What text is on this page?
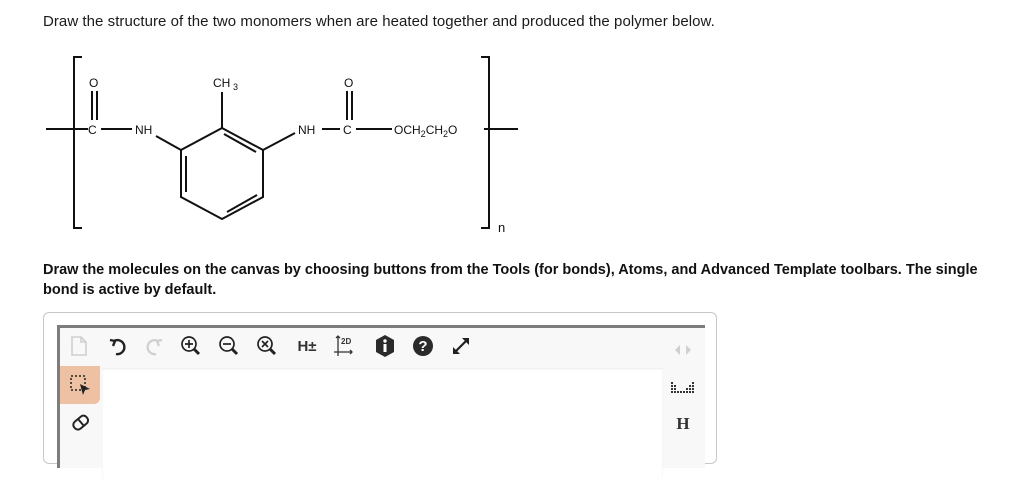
Draw the structure of the two monomers when are heated together and produced the polymer below.
O
C	NH
CH 3
NH C
O
$OCH_2CH_2O$
n
Draw the molecules on the canvas by choosing buttons from the Tools (for bonds), Atoms, and Advanced Template toolbars. The single
bond is active by default.
H±	2D	?
H
